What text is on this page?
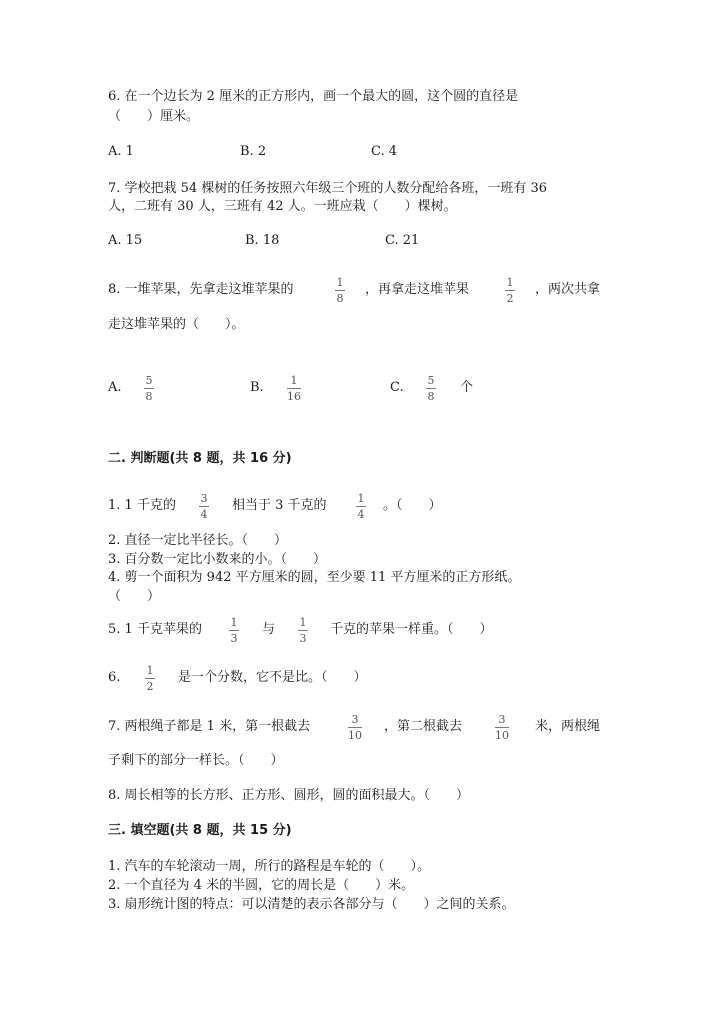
6. 在一个边长为 2 厘米的正方形内，画一个最大的圆，这个圆的直径是
（　　）厘米。
A. 1	B. 2	C. 4
7. 学校把栽 54 棵树的任务按照六年级三个班的人数分配给各班，一班有 36
人，二班有 30 人，三班有 42 人。一班应栽（　　）棵树。
A. 15	B. 18	C. 21
8. 一堆苹果，先拿走这堆苹果的	1
8
，再拿走这堆苹果	1
2
，两次共拿
走这堆苹果的（　　）。
A. 5
8
B. 1
16
C. 5
8
个
二. 判断题(共 8 题，共 16 分)
1. 1 千克的 3
4
相当于 3 千克的	1
4
。（　　）
2. 直径一定比半径长。（　　）
3. 百分数一定比小数来的小。（　　）
4. 剪一个面积为 942 平方厘米的圆，至少要 11 平方厘米的正方形纸。
（　　）
5. 1 千克苹果的	1
3
与 1
3
千克的苹果一样重。（　　）
6. 1
2
是一个分数，它不是比。（　　）
7. 两根绳子都是 1 米，第一根截去	3
10
，第二根截去	3
10
米，两根绳
子剩下的部分一样长。（　　）
8. 周长相等的长方形、正方形、圆形，圆的面积最大。（　　）
三. 填空题(共 8 题，共 15 分)
1. 汽车的车轮滚动一周，所行的路程是车轮的（　　）。
2. 一个直径为 4 米的半圆，它的周长是（　　）米。
3. 扇形统计图的特点：可以清楚的表示各部分与（　　）之间的关系。
